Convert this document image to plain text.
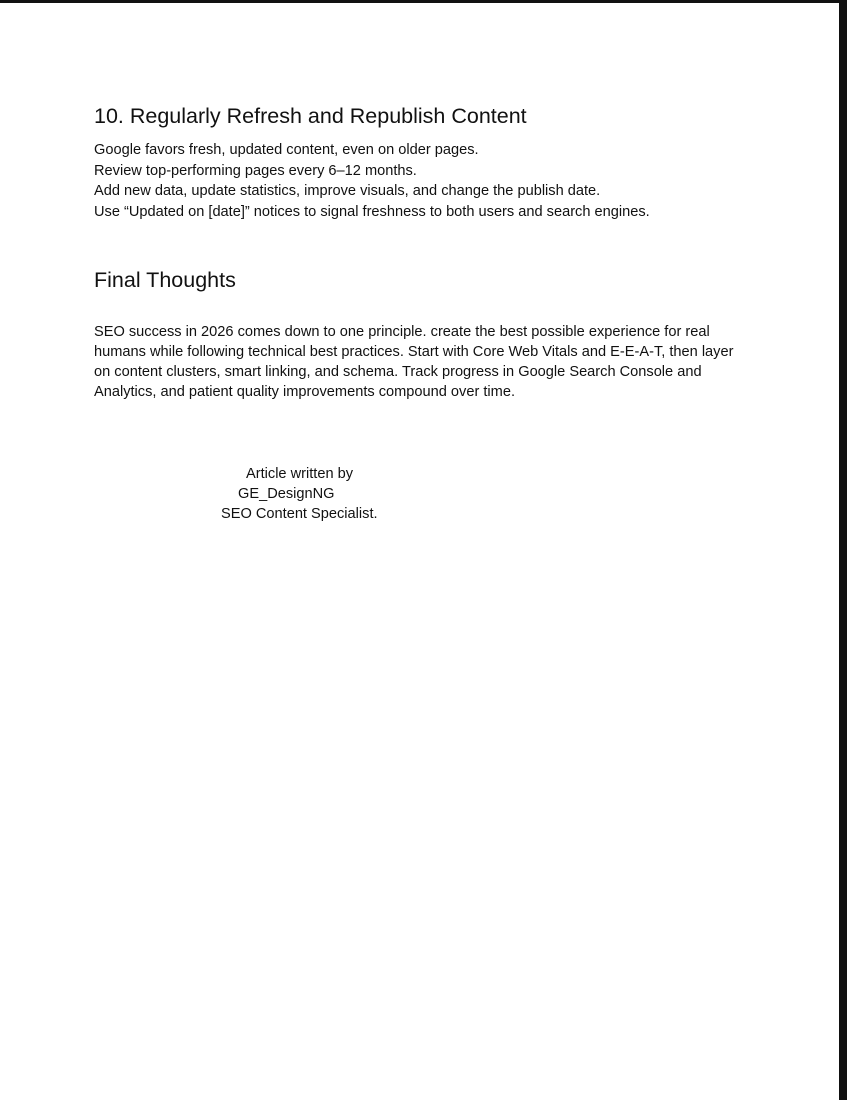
10. Regularly Refresh and Republish Content
Google favors fresh, updated content, even on older pages.
Review top-performing pages every 6–12 months.
Add new data, update statistics, improve visuals, and change the publish date.
Use “Updated on [date]” notices to signal freshness to both users and search engines.
Final Thoughts

SEO success in 2026 comes down to one principle. create the best possible experience for real humans while following technical best practices. Start with Core Web Vitals and E-E-A-T, then layer on content clusters, smart linking, and schema. Track progress in Google Search Console and Analytics, and patient quality improvements compound over time.

Article written by
GE_DesignNG
SEO Content Specialist.
